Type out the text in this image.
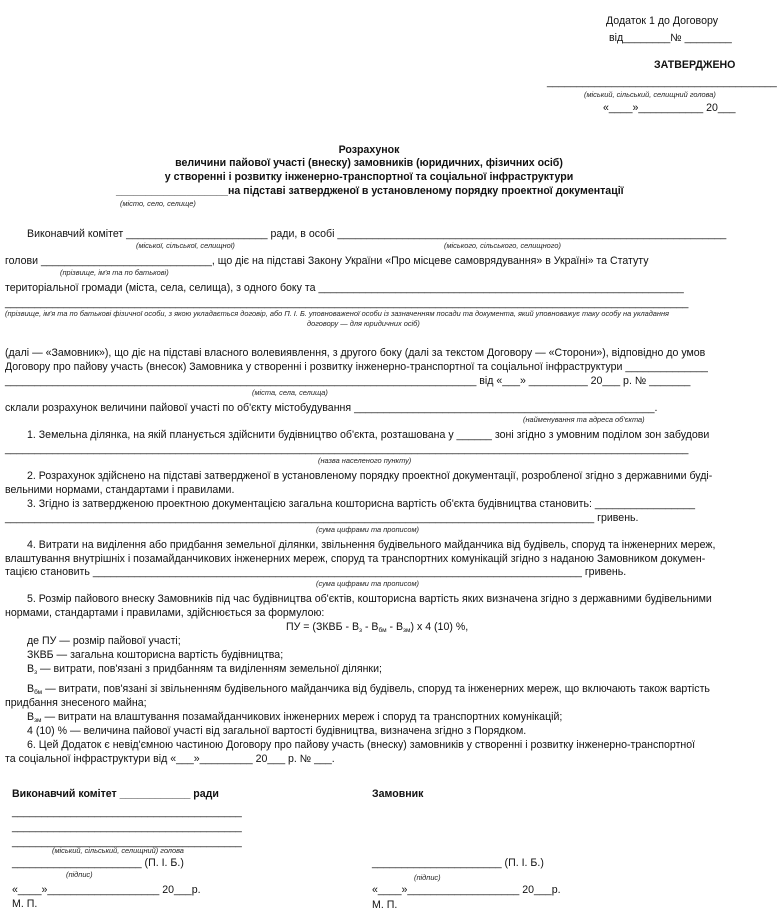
Додаток 1 до Договору
від________№ ________
ЗАТВЕРДЖЕНО
_______________________________________
(міський, сільський, селищний голова)
«____»___________ 20___
Розрахунок
величини пайової участі (внеску) замовників (юридичних, фізичних осіб)
у створенні і розвитку інженерно-транспортної та соціальної інфраструктури
___________________на підставі затвердженої в установленому порядку проектної документації
(місто, село, селище)
Виконавчий комітет ________________________ ради, в особі __________________________________________________________________
(міської, сільської, селищної)	(міського, сільського, селищного)
голови _____________________________, що діє на підставі Закону України «Про місцеве самоврядування» в Україні» та Статуту
(прізвище, ім'я та по батькові)
територіальної громади (міста, села, селища), з одного боку та ______________________________________________________________
____________________________________________________________________________________________________________________
(прізвище, ім'я та по батькові фізичної особи, з якою укладається договір, або П. І. Б. уповноваженої особи із зазначенням посади та документа, який уповноважує таку особу на укладання
договору — для юридичних осіб)
(далі — «Замовник»), що діє на підставі власного волевиявлення, з другого боку (далі за текстом Договору — «Сторони»), відповідно до умов
Договору про пайову участь (внесок) Замовника у створенні і розвитку інженерно-транспортної та соціальної інфраструктури ______________
________________________________________________________________________________ від «___» __________ 20___ р. № _______
(міста, села, селища)
склали розрахунок величини пайової участі по об'єкту містобудування ___________________________________________________.
(найменування та адреса об'єкта)
1. Земельна ділянка, на якій планується здійснити будівництво об'єкта, розташована у ______ зоні згідно з умовним поділом зон забудови
____________________________________________________________________________________________________________________
(назва населеного пункту)
2. Розрахунок здійснено на підставі затвердженої в установленому порядку проектної документації, розробленої згідно з державними буді-
вельними нормами, стандартами і правилами.
3. Згідно із затвердженою проектною документацією загальна кошторисна вартість об'єкта будівництва становить: _________________
____________________________________________________________________________________________________ гривень.
(сума цифрами та прописом)
4. Витрати на виділення або придбання земельної ділянки, звільнення будівельного майданчика від будівель, споруд та інженерних мереж,
влаштування внутрішніх і позамайданчикових інженерних мереж, споруд та транспортних комунікацій згідно з наданою Замовником докумен-
тацією становить ___________________________________________________________________________________ гривень.
(сума цифрами та прописом)
5. Розмір пайового внеску Замовників під час будівництва об'єктів, кошторисна вартість яких визначена згідно з державними будівельними
нормами, стандартами і правилами, здійснюється за формулою:
ПУ = (ЗКВБ - $В_з - В_{бм} - В_{зм}$) x 4 (10) %,
де ПУ — розмір пайової участі;
ЗКВБ — загальна кошторисна вартість будівництва;
$В_з$ — витрати, пов'язані з придбанням та виділенням земельної ділянки;
$В_{бм}$ — витрати, пов'язані зі звільненням будівельного майданчика від будівель, споруд та інженерних мереж, що включають також вартість
придбання знесеного майна;
$В_{зм}$ — витрати на влаштування позамайданчикових інженерних мереж і споруд та транспортних комунікацій;
4 (10) % — величина пайової участі від загальної вартості будівництва, визначена згідно з Порядком.
6. Цей Додаток є невід'ємною частиною Договору про пайову участь (внеску) замовників у створенні і розвитку інженерно-транспортної
та соціальної інфраструктури від «___»_________ 20___ р. № ___.
Виконавчий комітет ____________ ради
_______________________________________
_______________________________________
_______________________________________
(міський, сільський, селищний) голова
______________________ (П. І. Б.)
(підпис)
«____»___________________ 20___р.
М. П.
Замовник
______________________ (П. І. Б.)
(підпис)
«____»___________________ 20___р.
М. П.
